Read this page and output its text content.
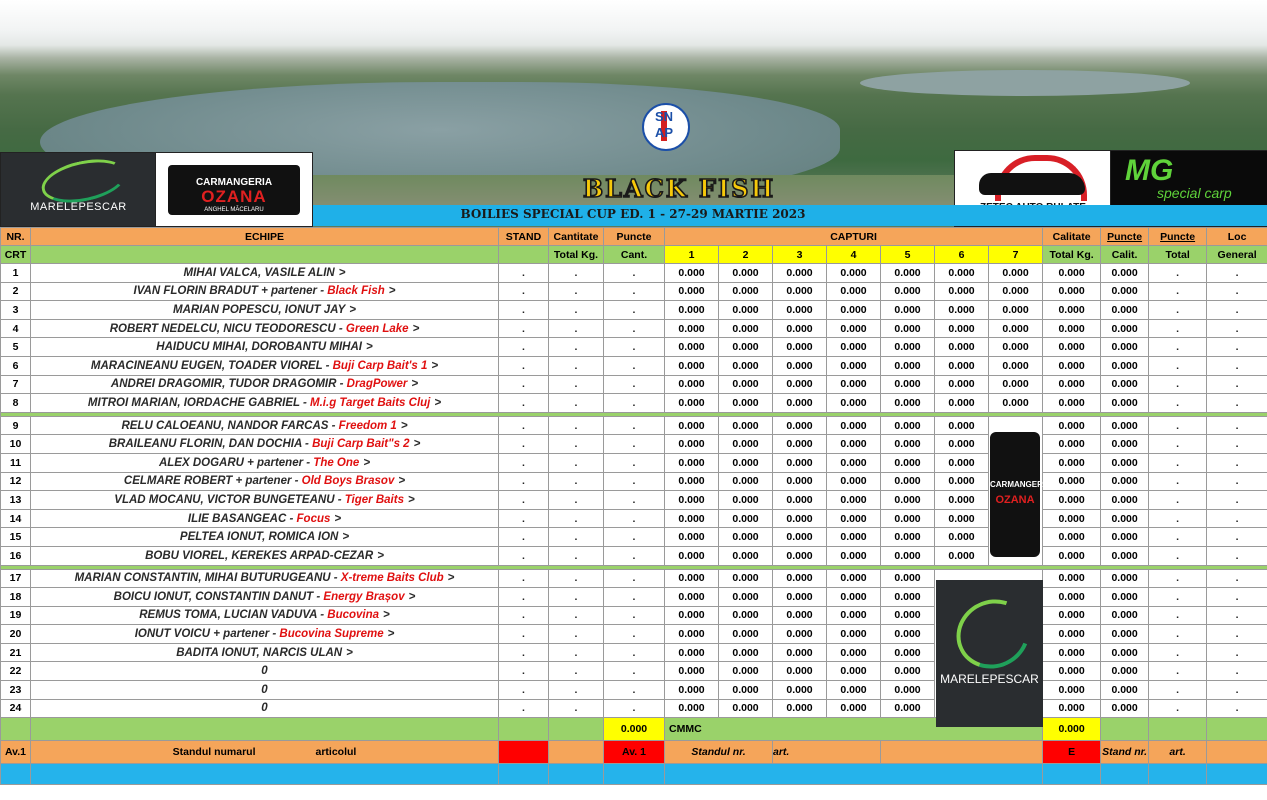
SN
AP
MARELEPESCAR
CARMANGERIA
OZANA
ANGHEL MĂCELARU
BLACK FISH
MG
special carp
BOILIES SPECIAL CUP ED. 1 - 27-29 MARTIE 2023
NR.	ECHIPE	STAND	Cantitate	Puncte	CAPTURI							Calitate	Puncte	Puncte	Loc
CRT			Total Kg.	Cant.	1	2	3	4	5	6	7	Total Kg.	Calit.	Total	General
1	MIHAI VALCA, VASILE ALIN >	.	.	.	0.000	0.000	0.000	0.000	0.000	0.000	0.000	0.000	0.000	.	.
2	IVAN FLORIN BRADUT + partener - Black Fish >	.	.	.	0.000	0.000	0.000	0.000	0.000	0.000	0.000	0.000	0.000	.	.
3	MARIAN POPESCU, IONUT JAY >	.	.	.	0.000	0.000	0.000	0.000	0.000	0.000	0.000	0.000	0.000	.	.
4	ROBERT NEDELCU, NICU TEODORESCU - Green Lake >	.	.	.	0.000	0.000	0.000	0.000	0.000	0.000	0.000	0.000	0.000	.	.
5	HAIDUCU MIHAI, DOROBANTU MIHAI >	.	.	.	0.000	0.000	0.000	0.000	0.000	0.000	0.000	0.000	0.000	.	.
6	MARACINEANU EUGEN, TOADER VIOREL - Buji Carp Bait's 1 >	.	.	.	0.000	0.000	0.000	0.000	0.000	0.000	0.000	0.000	0.000	.	.
7	ANDREI DRAGOMIR, TUDOR DRAGOMIR - DragPower >	.	.	.	0.000	0.000	0.000	0.000	0.000	0.000	0.000	0.000	0.000	.	.
8	MITROI MARIAN, IORDACHE GABRIEL - M.i.g Target Baits Cluj >	.	.	.	0.000	0.000	0.000	0.000	0.000	0.000	0.000	0.000	0.000	.	.

9	RELU CALOEANU, NANDOR FARCAS - Freedom 1 >	.	.	.	0.000	0.000	0.000	0.000	0.000	0.000		0.000	0.000	.	.
10	BRAILEANU FLORIN, DAN DOCHIA - Buji Carp Bait"s 2 >	.	.	.	0.000	0.000	0.000	0.000	0.000	0.000		0.000	0.000	.	.
11	ALEX DOGARU + partener - The One >	.	.	.	0.000	0.000	0.000	0.000	0.000	0.000		0.000	0.000	.	.
12	CELMARE ROBERT + partener - Old Boys Brasov >	.	.	.	0.000	0.000	0.000	0.000	0.000	0.000		0.000	0.000	.	.
13	VLAD MOCANU, VICTOR BUNGETEANU - Tiger Baits >	.	.	.	0.000	0.000	0.000	0.000	0.000	0.000		0.000	0.000	.	.
14	ILIE BASANGEAC - Focus >	.	.	.	0.000	0.000	0.000	0.000	0.000	0.000		0.000	0.000	.	.
15	PELTEA IONUT, ROMICA ION >	.	.	.	0.000	0.000	0.000	0.000	0.000	0.000		0.000	0.000	.	.
16	BOBU VIOREL, KEREKES ARPAD-CEZAR >	.	.	.	0.000	0.000	0.000	0.000	0.000	0.000		0.000	0.000	.	.

17	MARIAN CONSTANTIN, MIHAI BUTURUGEANU - X-treme Baits Club >	.	.	.	0.000	0.000	0.000	0.000	0.000			0.000	0.000	.	.
18	BOICU IONUT, CONSTANTIN DANUT - Energy Brașov >	.	.	.	0.000	0.000	0.000	0.000	0.000			0.000	0.000	.	.
19	REMUS TOMA, LUCIAN VADUVA - Bucovina >	.	.	.	0.000	0.000	0.000	0.000	0.000			0.000	0.000	.	.
20	IONUT VOICU + partener - Bucovina Supreme >	.	.	.	0.000	0.000	0.000	0.000	0.000			0.000	0.000	.	.
21	BADITA IONUT, NARCIS ULAN >	.	.	.	0.000	0.000	0.000	0.000	0.000			0.000	0.000	.	.
22	0	.	.	.	0.000	0.000	0.000	0.000	0.000			0.000	0.000	.	.
23	0	.	.	.	0.000	0.000	0.000	0.000	0.000			0.000	0.000	.	.
24	0	.	.	.	0.000	0.000	0.000	0.000	0.000			0.000	0.000	.	.
				0.000	CMMC							0.000			
Av.1	Standul numarul articolul			Av. 1	Standul nr.		art.					E	Stand nr.	art.	

CARMANGERIA
OZANA
MARELEPESCAR
